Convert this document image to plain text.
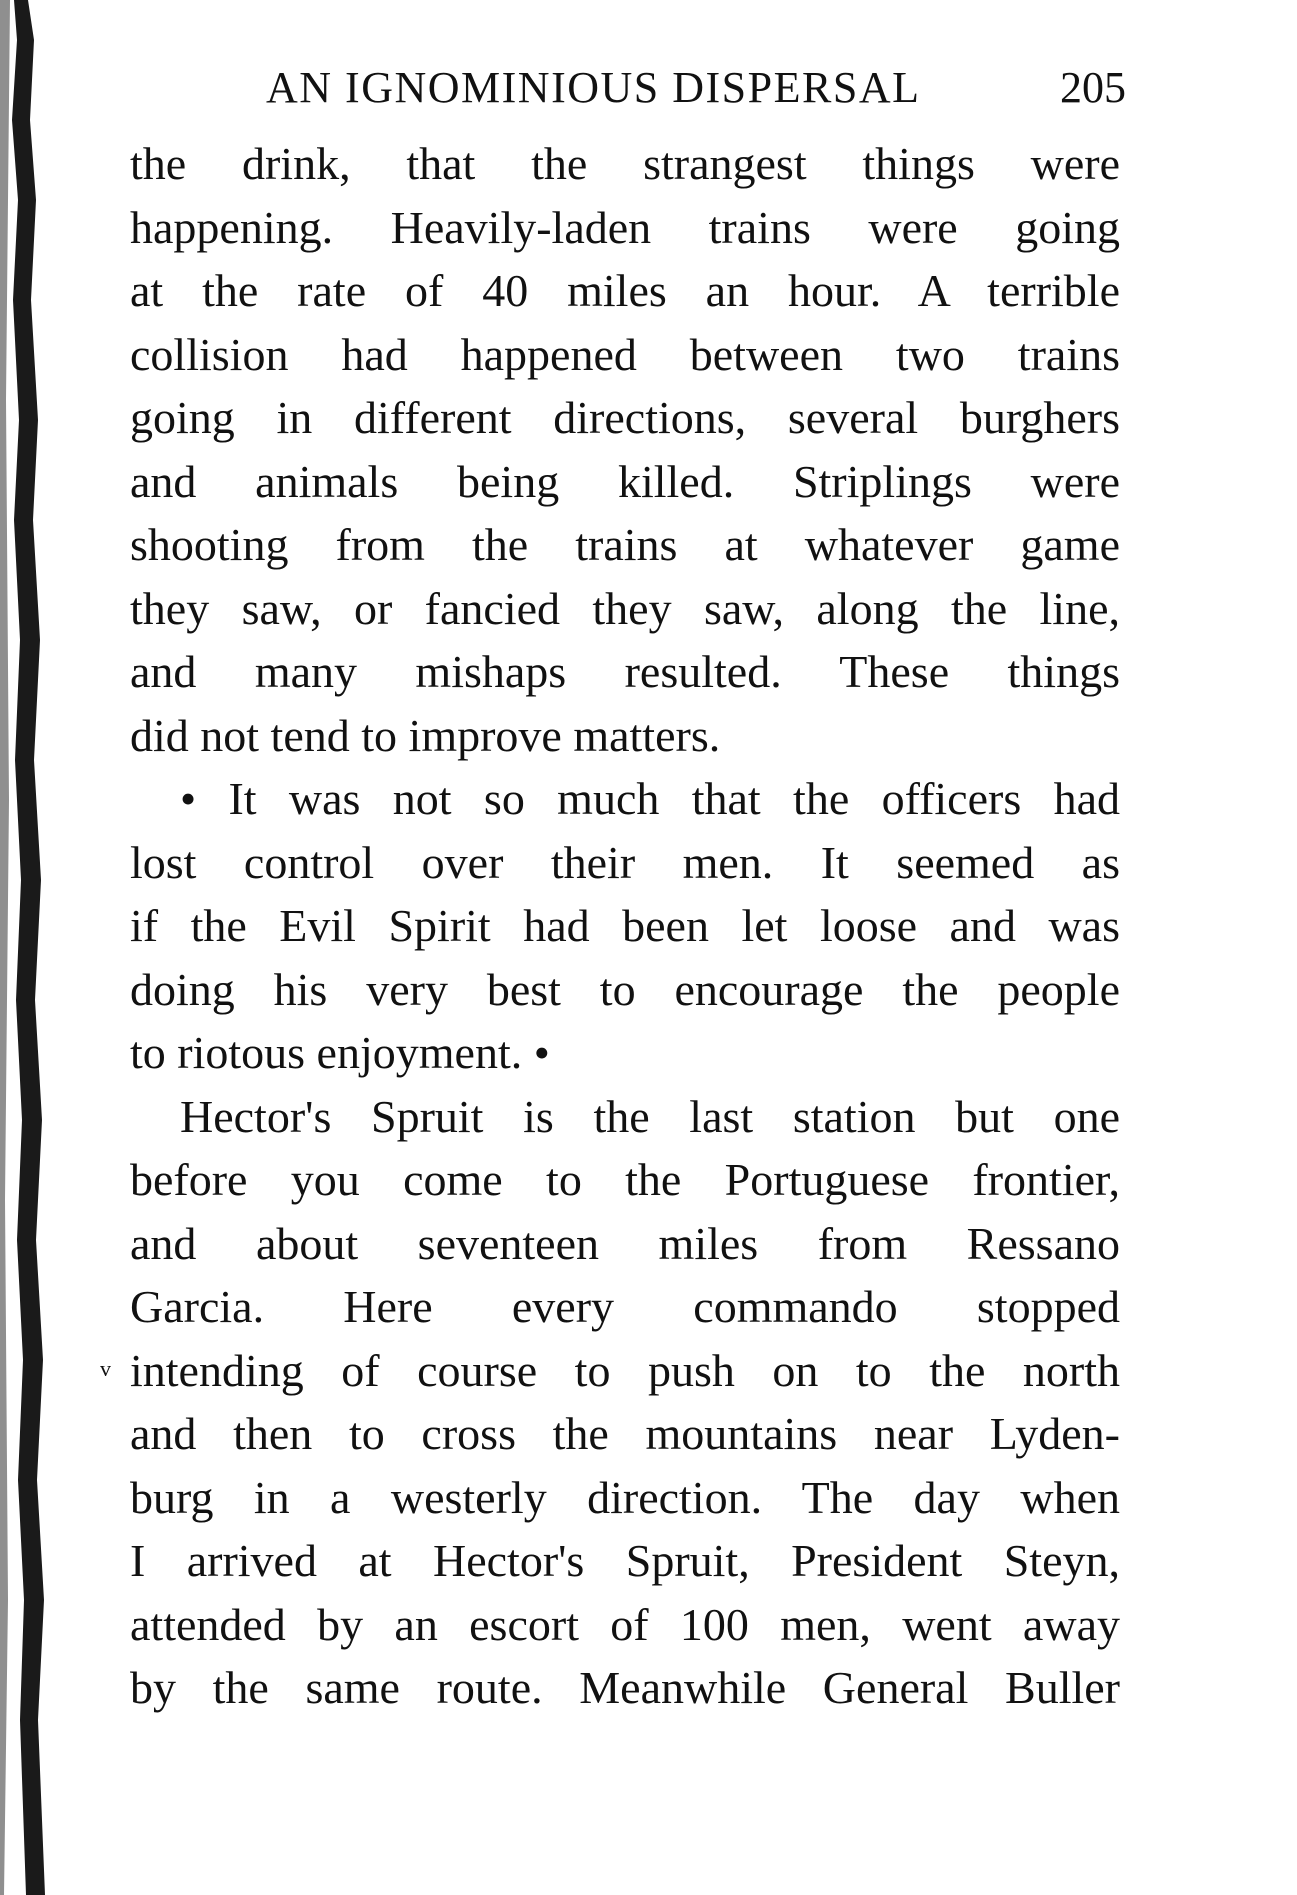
AN IGNOMINIOUS DISPERSAL	205
the drink, that the strangest things were
happening. Heavily-laden trains were going
at the rate of 40 miles an hour. A terrible
collision had happened between two trains
going in different directions, several burghers
and animals being killed. Striplings were
shooting from the trains at whatever game
they saw, or fancied they saw, along the line,
and many mishaps resulted. These things
did not tend to improve matters.
• It was not so much that the officers had
lost control over their men. It seemed as
if the Evil Spirit had been let loose and was
doing his very best to encourage the people
to riotous enjoyment. •
Hector's Spruit is the last station but one
before you come to the Portuguese frontier,
and about seventeen miles from Ressano
Garcia. Here every commando stopped
intending of course to push on to the north
and then to cross the mountains near Lyden-
burg in a westerly direction. The day when
I arrived at Hector's Spruit, President Steyn,
attended by an escort of 100 men, went away
by the same route. Meanwhile General Buller
v
